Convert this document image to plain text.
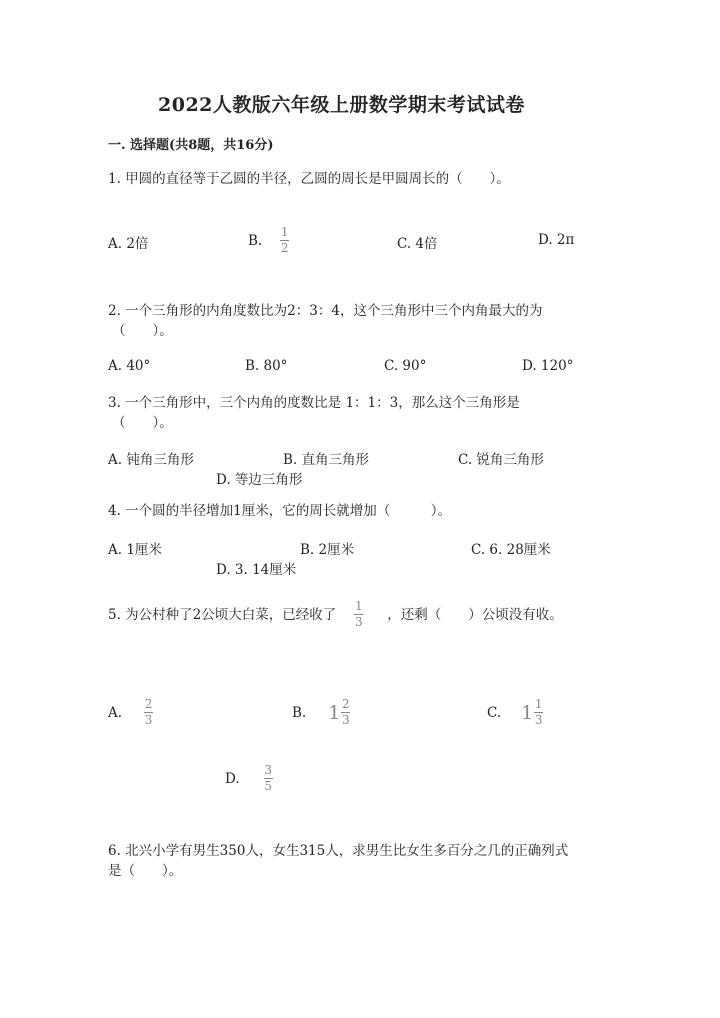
2022人教版六年级上册数学期末考试试卷
一. 选择题(共8题，共16分)
1. 甲圆的直径等于乙圆的半径，乙圆的周长是甲圆周长的（　　）。
A. 2倍	B. $\frac{1}{2}$	C. 4倍	D. 2π
2. 一个三角形的内角度数比为2：3：4，这个三角形中三个内角最大的为
（　　）。
A. 40°	B. 80°	C. 90°	D. 120°
3. 一个三角形中，三个内角的度数比是 1：1：3，那么这个三角形是
（　　）。
A. 钝角三角形	B. 直角三角形	C. 锐角三角形
D. 等边三角形
4. 一个圆的半径增加1厘米，它的周长就增加（　　　）。
A. 1厘米	B. 2厘米	C. 6. 28厘米
D. 3. 14厘米
5. 为公村种了2公顷大白菜，已经收了 $\frac{1}{3}$ ，还剩（　　）公顷没有收。
A. $\frac{2}{3}$	B. $1 \frac{2}{3}$	C. $1 \frac{1}{3}$
D. $\frac{3}{5}$
6. 北兴小学有男生350人，女生315人，求男生比女生多百分之几的正确列式
是（　　）。
